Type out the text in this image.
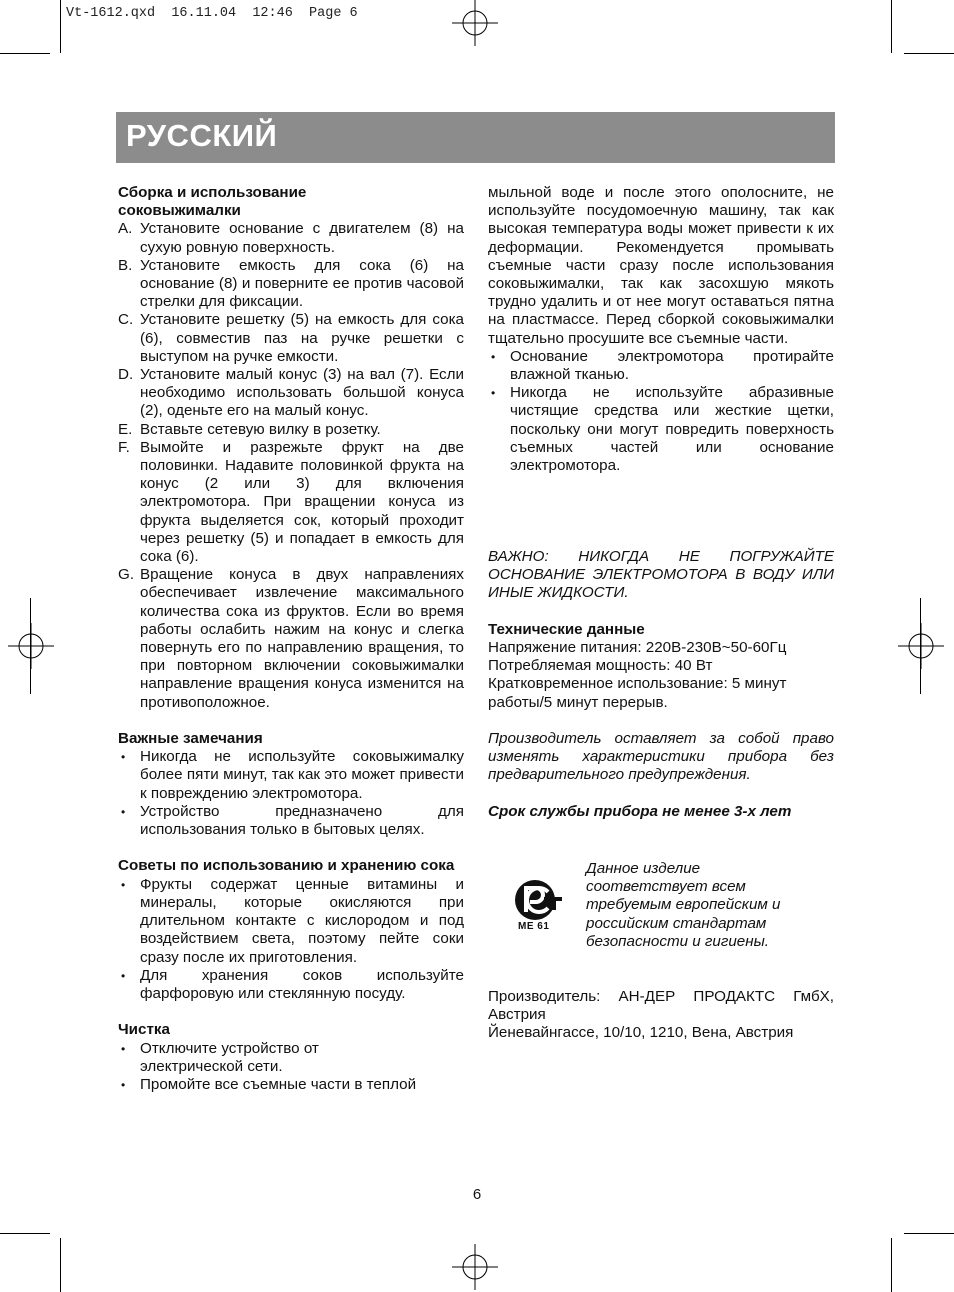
Vt-1612.qxd  16.11.04  12:46  Page 6
РУССКИЙ

Сборка и использование
соковыжималки

A. Установите основание с двигателем (8) на сухую ровную поверхность.
B. Установите емкость для сока (6) на основание (8) и поверните ее против часовой стрелки для фиксации.
C. Установите решетку (5) на емкость для сока (6), совместив паз на ручке решетки с выступом на ручке емкости.
D. Установите малый конус (3) на вал (7). Если необходимо использовать большой конуса (2), оденьте его на малый конус.
E. Вставьте сетевую вилку в розетку.
F. Вымойте и разрежьте фрукт на две половинки. Надавите половинкой фрукта на конус (2 или 3) для включения электромотора. При вращении конуса из фрукта выделяется сок, который проходит через решетку (5) и попадает в емкость для сока (6).
G. Вращение конуса в двух направлениях обеспечивает извлечение максимального количества сока из фруктов. Если во время работы ослабить нажим на конус и слегка повернуть его по направлению вращения, то при повторном включении соковыжималки направление вращения конуса изменится на противоположное.

Важные замечания

• Никогда не используйте соковыжималку более пяти минут, так как это может привести к повреждению электромотора.
• Устройство предназначено для использования только в бытовых целях.

Советы по использованию и хранению сока

• Фрукты содержат ценные витамины и минералы, которые окисляются при длительном контакте с кислородом и под воздействием света, поэтому пейте соки сразу после их приготовления.
• Для хранения соков используйте фарфоровую или стеклянную посуду.

Чистка

• Отключите устройство от
электрической сети.
• Промойте все съемные части в теплой
мыльной воде и после этого ополосните, не используйте посудомоечную машину, так как высокая температура воды может привести к их деформации. Рекомендуется промывать съемные части сразу после использования соковыжималки, так как засохшую мякоть трудно удалить и от нее могут оставаться пятна на пластмассе. Перед сборкой соковыжималки тщательно просушите все съемные части.
• Основание электромотора протирайте влажной тканью.
• Никогда не используйте абразивные чистящие средства или жесткие щетки, поскольку они могут повредить поверхность съемных частей или основание электромотора.
ВАЖНО: НИКОГДА НЕ ПОГРУЖАЙТЕ ОСНОВАНИЕ ЭЛЕКТРОМОТОРА В ВОДУ ИЛИ ИНЫЕ ЖИДКОСТИ.

Технические данные

Напряжение питания: 220В-230В~50-60Гц
Потребляемая мощность: 40 Вт
Кратковременное использование: 5 минут работы/5 минут перерыв.
Производитель оставляет за собой право изменять характеристики прибора без предварительного предупреждения.
Срок службы прибора не менее 3-х лет
МЕ 61
Данное изделие
соответствует всем
требуемым европейским и
российским стандартам
безопасности и гигиены.
Производитель: АН-ДЕР ПРОДАКТС ГмбХ, Австрия
Йеневайнгассе, 10/10, 1210, Вена, Австрия
6
